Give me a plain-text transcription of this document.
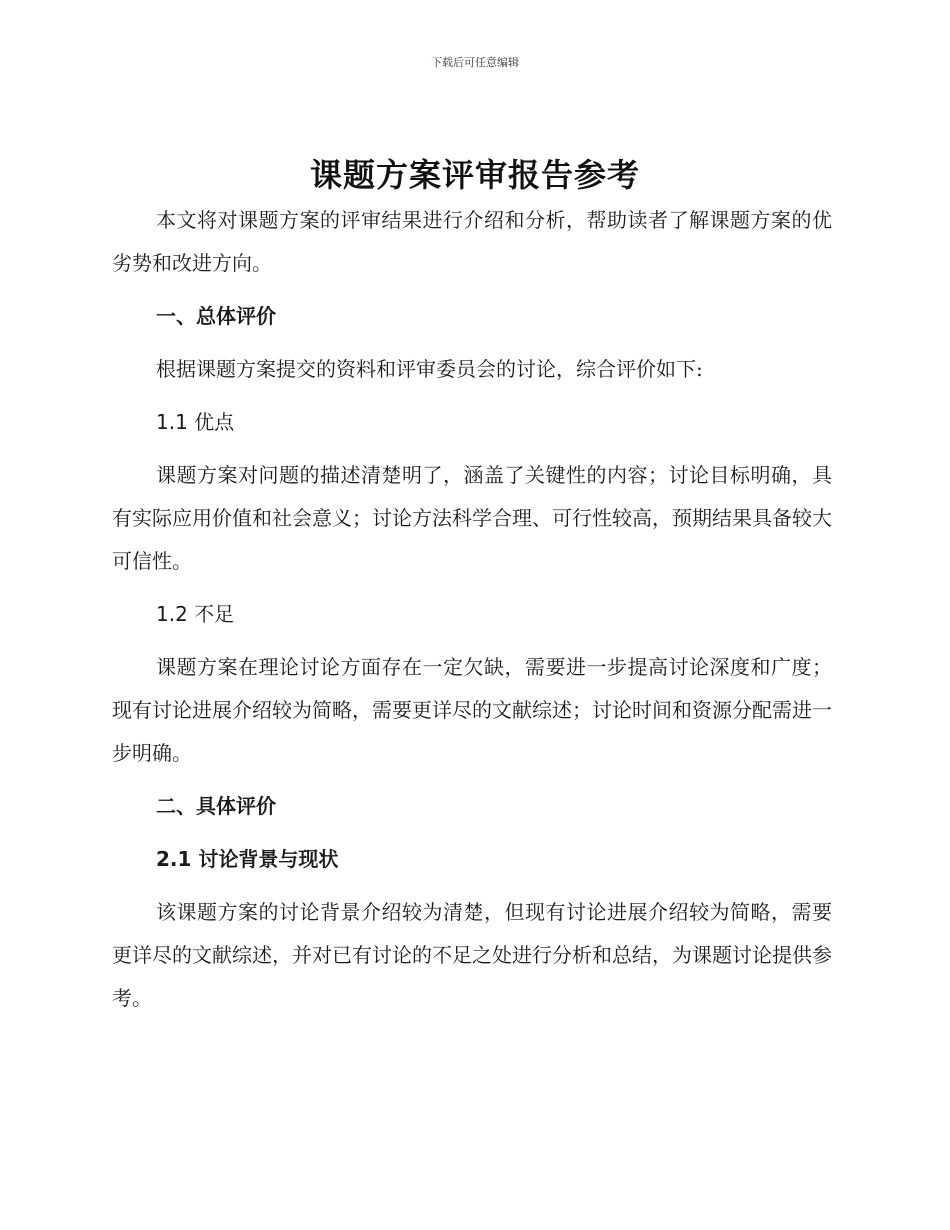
下载后可任意编辑
课题方案评审报告参考

本文将对课题方案的评审结果进行介绍和分析，帮助读者了解课题方案的优劣势和改进方向。

一、总体评价

根据课题方案提交的资料和评审委员会的讨论，综合评价如下:

1.1 优点

课题方案对问题的描述清楚明了，涵盖了关键性的内容；讨论目标明确，具有实际应用价值和社会意义；讨论方法科学合理、可行性较高，预期结果具备较大可信性。

1.2 不足

课题方案在理论讨论方面存在一定欠缺，需要进一步提高讨论深度和广度；现有讨论进展介绍较为简略，需要更详尽的文献综述；讨论时间和资源分配需进一步明确。

二、具体评价
2.1 讨论背景与现状

该课题方案的讨论背景介绍较为清楚，但现有讨论进展介绍较为简略，需要更详尽的文献综述，并对已有讨论的不足之处进行分析和总结，为课题讨论提供参考。
